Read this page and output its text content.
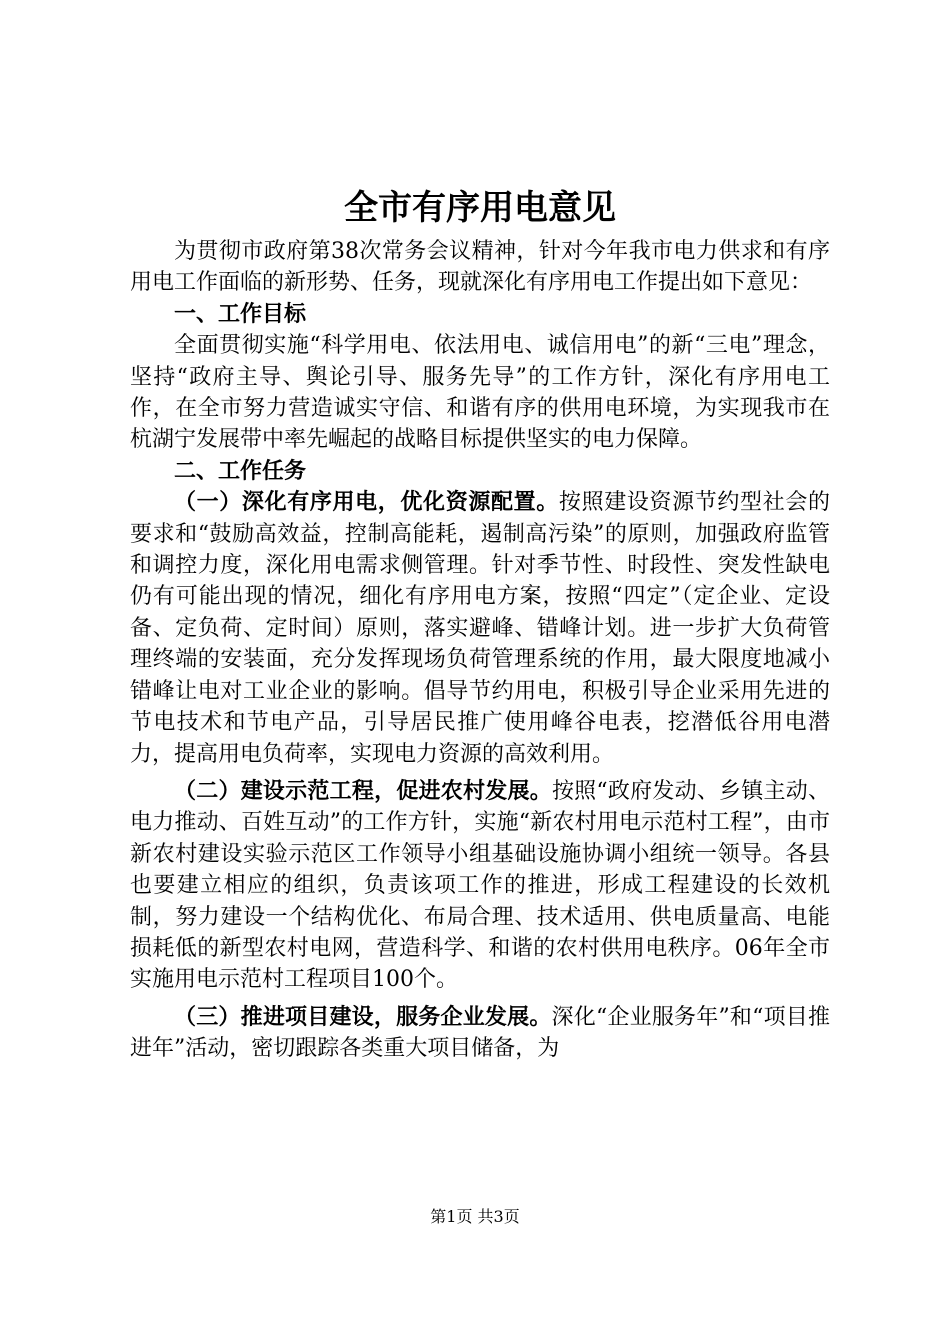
全市有序用电意见

为贯彻市政府第38次常务会议精神，针对今年我市电力供求和有序用电工作面临的新形势、任务，现就深化有序用电工作提出如下意见：

一、工作目标

全面贯彻实施“科学用电、依法用电、诚信用电”的新“三电”理念，坚持“政府主导、舆论引导、服务先导”的工作方针，深化有序用电工作，在全市努力营造诚实守信、和谐有序的供用电环境，为实现我市在杭湖宁发展带中率先崛起的战略目标提供坚实的电力保障。

二、工作任务

（一）深化有序用电，优化资源配置。按照建设资源节约型社会的要求和“鼓励高效益，控制高能耗，遏制高污染”的原则，加强政府监管和调控力度，深化用电需求侧管理。针对季节性、时段性、突发性缺电仍有可能出现的情况，细化有序用电方案，按照“四定”（定企业、定设备、定负荷、定时间）原则，落实避峰、错峰计划。进一步扩大负荷管理终端的安装面，充分发挥现场负荷管理系统的作用，最大限度地减小错峰让电对工业企业的影响。倡导节约用电，积极引导企业采用先进的节电技术和节电产品，引导居民推广使用峰谷电表，挖潜低谷用电潜力，提高用电负荷率，实现电力资源的高效利用。

（二）建设示范工程，促进农村发展。按照“政府发动、乡镇主动、电力推动、百姓互动”的工作方针，实施“新农村用电示范村工程”，由市新农村建设实验示范区工作领导小组基础设施协调小组统一领导。各县也要建立相应的组织，负责该项工作的推进，形成工程建设的长效机制，努力建设一个结构优化、布局合理、技术适用、供电质量高、电能损耗低的新型农村电网，营造科学、和谐的农村供用电秩序。06年全市实施用电示范村工程项目100个。

（三）推进项目建设，服务企业发展。深化“企业服务年”和“项目推进年”活动，密切跟踪各类重大项目储备，为

第1页 共3页
